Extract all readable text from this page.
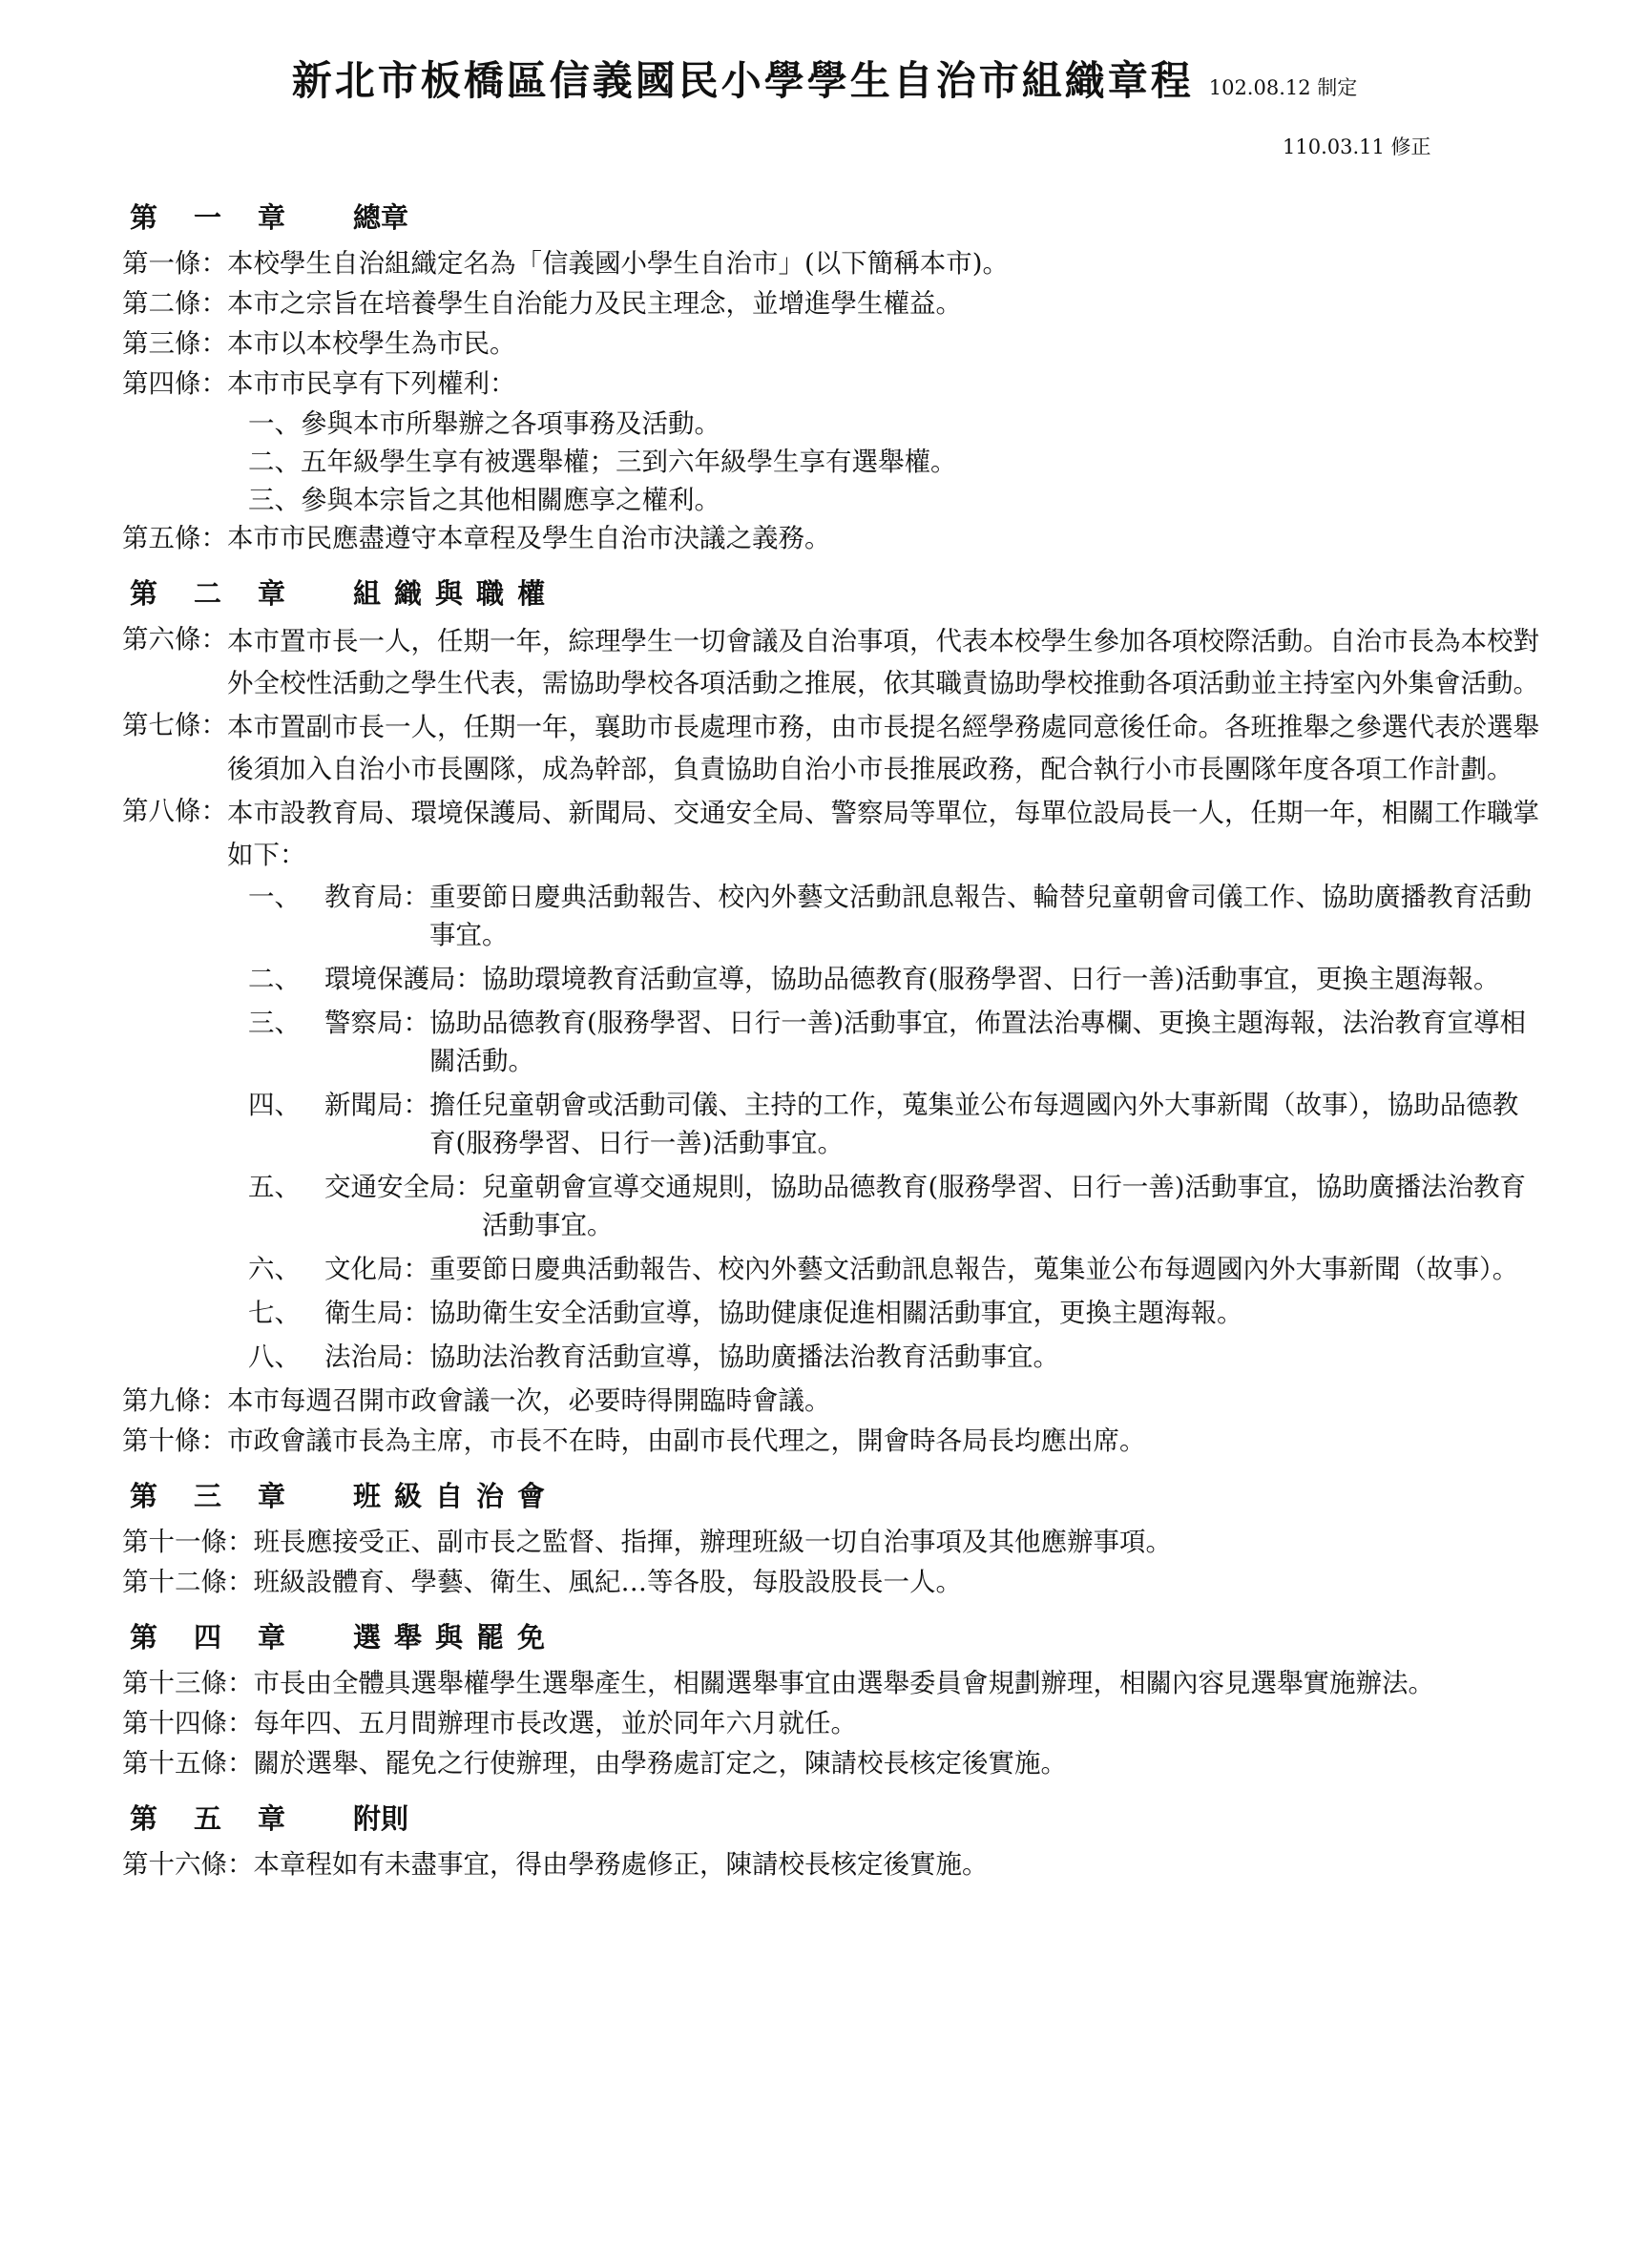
新北市板橋區信義國民小學學生自治市組織章程 102.08.12 制定
110.03.11 修正
第一章 總章
第一條： 本校學生自治組織定名為「信義國小學生自治市」(以下簡稱本市)。
第二條： 本市之宗旨在培養學生自治能力及民主理念，並增進學生權益。
第三條： 本市以本校學生為市民。
第四條： 本市市民享有下列權利：
一、參與本市所舉辦之各項事務及活動。
二、五年級學生享有被選舉權；三到六年級學生享有選舉權。
三、參與本宗旨之其他相關應享之權利。
第五條： 本市市民應盡遵守本章程及學生自治市決議之義務。
第二章 組織與職權
第六條： 本市置市長一人，任期一年，綜理學生一切會議及自治事項，代表本校學生參加各項校際活動。自治市長為本校對外全校性活動之學生代表，需協助學校各項活動之推展，依其職責協助學校推動各項活動並主持室內外集會活動。
第七條： 本市置副市長一人，任期一年，襄助市長處理市務，由市長提名經學務處同意後任命。各班推舉之參選代表於選舉後須加入自治小市長團隊，成為幹部，負責協助自治小市長推展政務，配合執行小市長團隊年度各項工作計劃。
第八條： 本市設教育局、環境保護局、新聞局、交通安全局、警察局等單位，每單位設局長一人，任期一年，相關工作職掌如下：
一、 教育局： 重要節日慶典活動報告、校內外藝文活動訊息報告、輪替兒童朝會司儀工作、協助廣播教育活動事宜。
二、 環境保護局： 協助環境教育活動宣導，協助品德教育(服務學習、日行一善)活動事宜，更換主題海報。
三、 警察局： 協助品德教育(服務學習、日行一善)活動事宜，佈置法治專欄、更換主題海報，法治教育宣導相關活動。
四、 新聞局： 擔任兒童朝會或活動司儀、主持的工作，蒐集並公布每週國內外大事新聞（故事），協助品德教育(服務學習、日行一善)活動事宜。
五、 交通安全局： 兒童朝會宣導交通規則，協助品德教育(服務學習、日行一善)活動事宜，協助廣播法治教育活動事宜。
六、 文化局： 重要節日慶典活動報告、校內外藝文活動訊息報告，蒐集並公布每週國內外大事新聞（故事）。
七、 衛生局： 協助衛生安全活動宣導，協助健康促進相關活動事宜，更換主題海報。
八、 法治局： 協助法治教育活動宣導，協助廣播法治教育活動事宜。
第九條： 本市每週召開市政會議一次，必要時得開臨時會議。
第十條： 市政會議市長為主席，市長不在時，由副市長代理之，開會時各局長均應出席。
第三章 班級自治會
第十一條： 班長應接受正、副市長之監督、指揮，辦理班級一切自治事項及其他應辦事項。
第十二條： 班級設體育、學藝、衛生、風紀…等各股，每股設股長一人。
第四章 選舉與罷免
第十三條： 市長由全體具選舉權學生選舉產生，相關選舉事宜由選舉委員會規劃辦理，相關內容見選舉實施辦法。
第十四條： 每年四、五月間辦理市長改選，並於同年六月就任。
第十五條： 關於選舉、罷免之行使辦理，由學務處訂定之，陳請校長核定後實施。
第五章 附則
第十六條： 本章程如有未盡事宜，得由學務處修正，陳請校長核定後實施。
